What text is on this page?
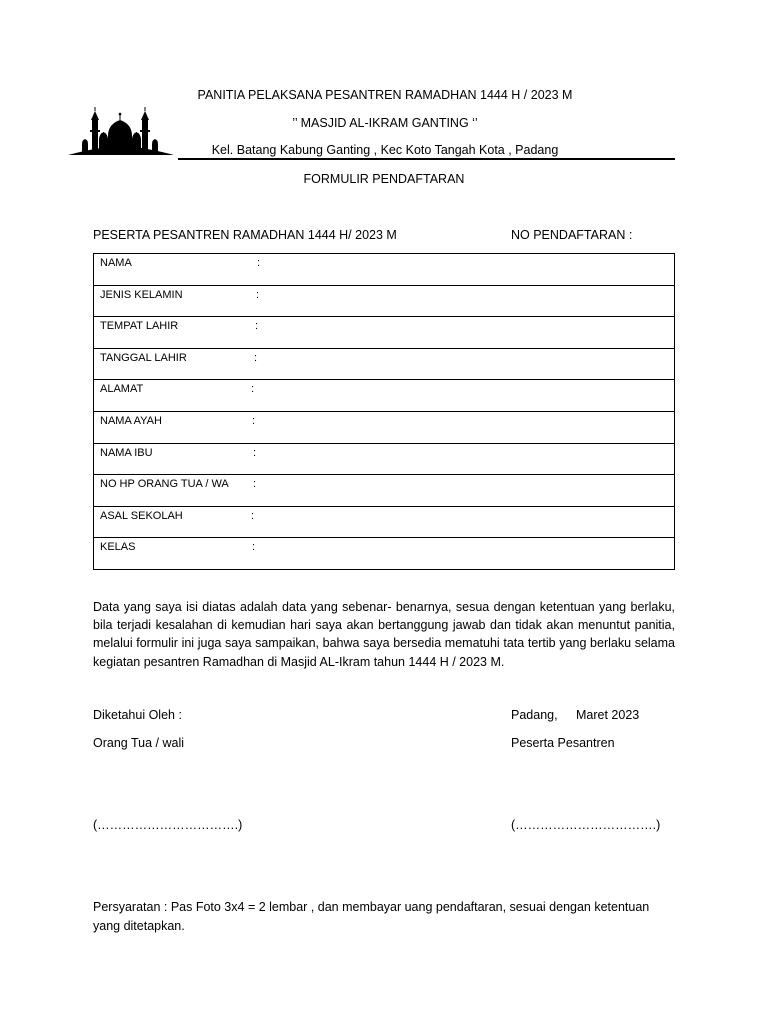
PANITIA PELAKSANA PESANTREN RAMADHAN 1444 H / 2023 M
’’ MASJID AL-IKRAM GANTING ‘’
Kel. Batang Kabung Ganting , Kec Koto Tangah Kota , Padang
FORMULIR PENDAFTARAN
PESERTA PESANTREN RAMADHAN 1444 H/ 2023 M	NO PENDAFTARAN :
NAMA	:

JENIS KELAMIN	:

TEMPAT LAHIR	:

TANGGAL LAHIR	:

ALAMAT	:

NAMA AYAH	:

NAMA IBU	:

NO HP ORANG TUA / WA :

ASAL SEKOLAH	:

KELAS	:
Data yang saya isi diatas adalah data yang sebenar- benarnya, sesua dengan ketentuan yang berlaku, bila terjadi kesalahan di kemudian hari saya akan bertanggung jawab dan tidak akan menuntut panitia, melalui formulir ini juga saya sampaikan, bahwa saya bersedia mematuhi tata tertib yang berlaku selama kegiatan pesantren Ramadhan di Masjid AL-Ikram tahun 1444 H / 2023 M.
Diketahui Oleh :
Orang Tua / wali
(…………………………….)
Padang, Maret 2023
Peserta Pesantren
(…………………………….)
Persyaratan : Pas Foto 3x4 = 2 lembar , dan membayar uang pendaftaran, sesuai dengan ketentuan yang ditetapkan.
